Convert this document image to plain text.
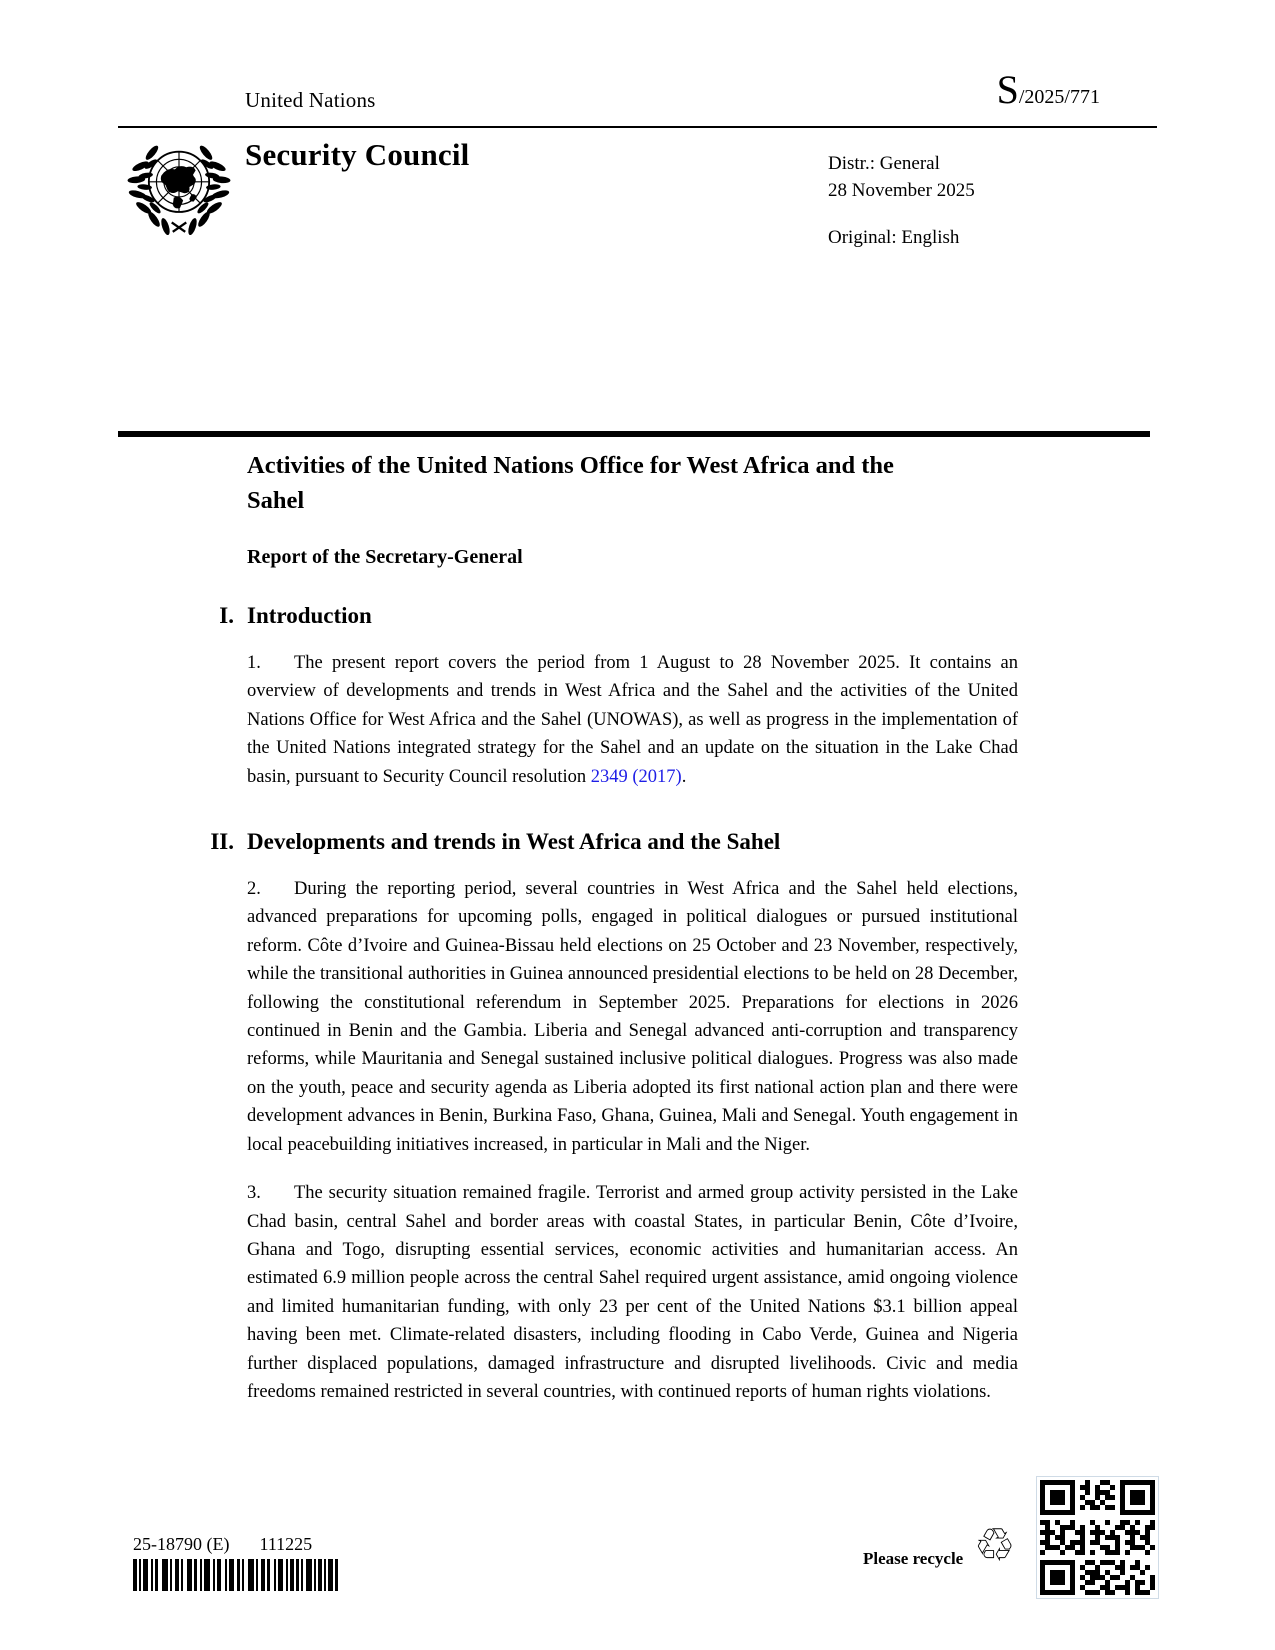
United Nations	S/2025/771
Security Council	Distr.: General
28 November 2025
Original: English
Activities of the United Nations Office for West Africa and the Sahel
Report of the Secretary-General
I. Introduction
1. The present report covers the period from 1 August to 28 November 2025. It contains an overview of developments and trends in West Africa and the Sahel and the activities of the United Nations Office for West Africa and the Sahel (UNOWAS), as well as progress in the implementation of the United Nations integrated strategy for the Sahel and an update on the situation in the Lake Chad basin, pursuant to Security Council resolution 2349 (2017).
II. Developments and trends in West Africa and the Sahel
2. During the reporting period, several countries in West Africa and the Sahel held elections, advanced preparations for upcoming polls, engaged in political dialogues or pursued institutional reform. Côte d’Ivoire and Guinea-Bissau held elections on 25 October and 23 November, respectively, while the transitional authorities in Guinea announced presidential elections to be held on 28 December, following the constitutional referendum in September 2025. Preparations for elections in 2026 continued in Benin and the Gambia. Liberia and Senegal advanced anti-corruption and transparency reforms, while Mauritania and Senegal sustained inclusive political dialogues. Progress was also made on the youth, peace and security agenda as Liberia adopted its first national action plan and there were development advances in Benin, Burkina Faso, Ghana, Guinea, Mali and Senegal. Youth engagement in local peacebuilding initiatives increased, in particular in Mali and the Niger.
3. The security situation remained fragile. Terrorist and armed group activity persisted in the Lake Chad basin, central Sahel and border areas with coastal States, in particular Benin, Côte d’Ivoire, Ghana and Togo, disrupting essential services, economic activities and humanitarian access. An estimated 6.9 million people across the central Sahel required urgent assistance, amid ongoing violence and limited humanitarian funding, with only 23 per cent of the United Nations $3.1 billion appeal having been met. Climate-related disasters, including flooding in Cabo Verde, Guinea and Nigeria further displaced populations, damaged infrastructure and disrupted livelihoods. Civic and media freedoms remained restricted in several countries, with continued reports of human rights violations.
25-18790 (E) 111225
Please recycle ♲
